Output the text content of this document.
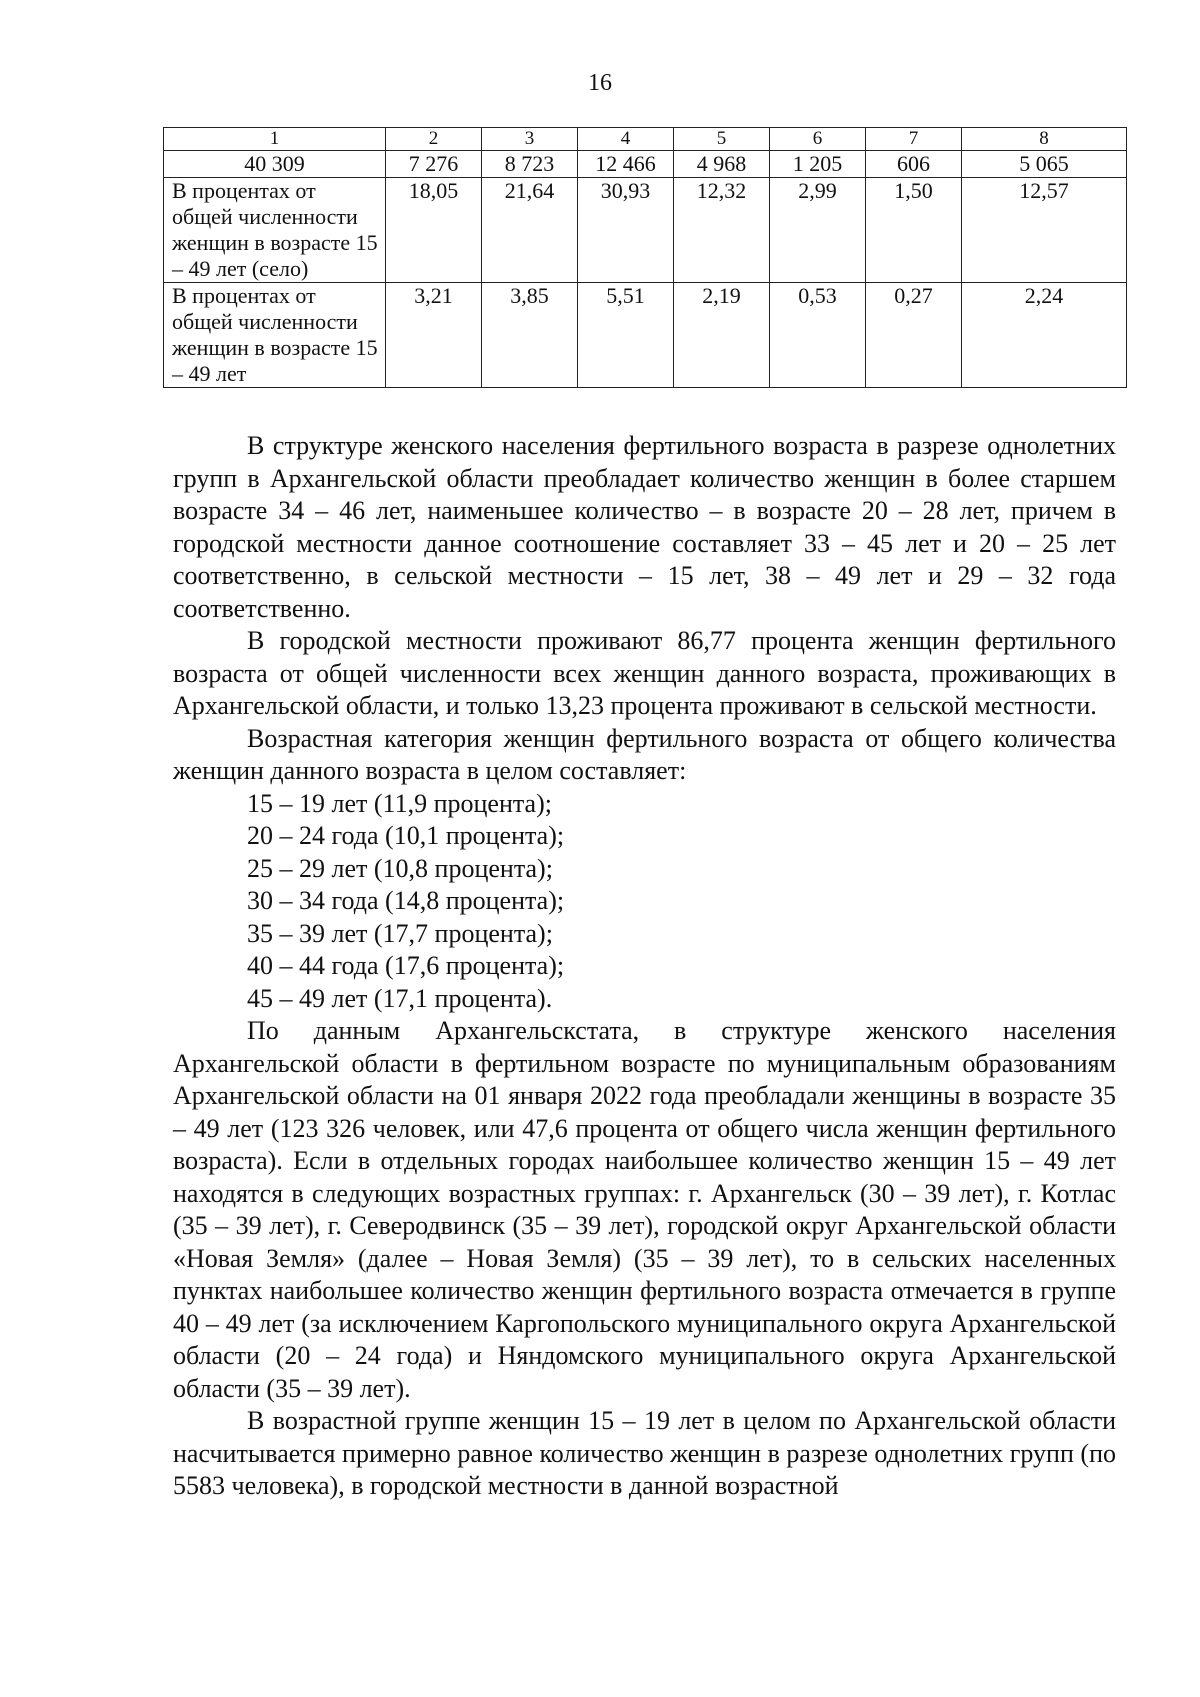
16
1	2	3	4	5	6	7	8
40 309	7 276	8 723	12 466	4 968	1 205	606	5 065
В процентах от общей численности женщин в возрасте 15 – 49 лет (село)	18,05	21,64	30,93	12,32	2,99	1,50	12,57
В процентах от общей численности женщин в возрасте 15 – 49 лет	3,21	3,85	5,51	2,19	0,53	0,27	2,24

В структуре женского населения фертильного возраста в разрезе однолетних групп в Архангельской области преобладает количество женщин в более старшем возрасте 34 – 46 лет, наименьшее количество – в возрасте 20 – 28 лет, причем в городской местности данное соотношение составляет 33 – 45 лет и 20 – 25 лет соответственно, в сельской местности – 15 лет, 38 – 49 лет и 29 – 32 года соответственно.

В городской местности проживают 86,77 процента женщин фертильного возраста от общей численности всех женщин данного возраста, проживающих в Архангельской области, и только 13,23 процента проживают в сельской местности.

Возрастная категория женщин фертильного возраста от общего количества женщин данного возраста в целом составляет:

15 – 19 лет (11,9 процента);
20 – 24 года (10,1 процента);
25 – 29 лет (10,8 процента);
30 – 34 года (14,8 процента);
35 – 39 лет (17,7 процента);
40 – 44 года (17,6 процента);
45 – 49 лет (17,1 процента).

По данным Архангельскстата, в структуре женского населения Архангельской области в фертильном возрасте по муниципальным образованиям Архангельской области на 01 января 2022 года преобладали женщины в возрасте 35 – 49 лет (123 326 человек, или 47,6 процента от общего числа женщин фертильного возраста). Если в отдельных городах наибольшее количество женщин 15 – 49 лет находятся в следующих возрастных группах: г. Архангельск (30 – 39 лет), г. Котлас (35 – 39 лет), г. Северодвинск (35 – 39 лет), городской округ Архангельской области «Новая Земля» (далее – Новая Земля) (35 – 39 лет), то в сельских населенных пунктах наибольшее количество женщин фертильного возраста отмечается в группе 40 – 49 лет (за исключением Каргопольского муниципального округа Архангельской области (20 – 24 года) и Няндомского муниципального округа Архангельской области (35 – 39 лет).

В возрастной группе женщин 15 – 19 лет в целом по Архангельской области насчитывается примерно равное количество женщин в разрезе однолетних групп (по 5583 человека), в городской местности в данной возрастной
